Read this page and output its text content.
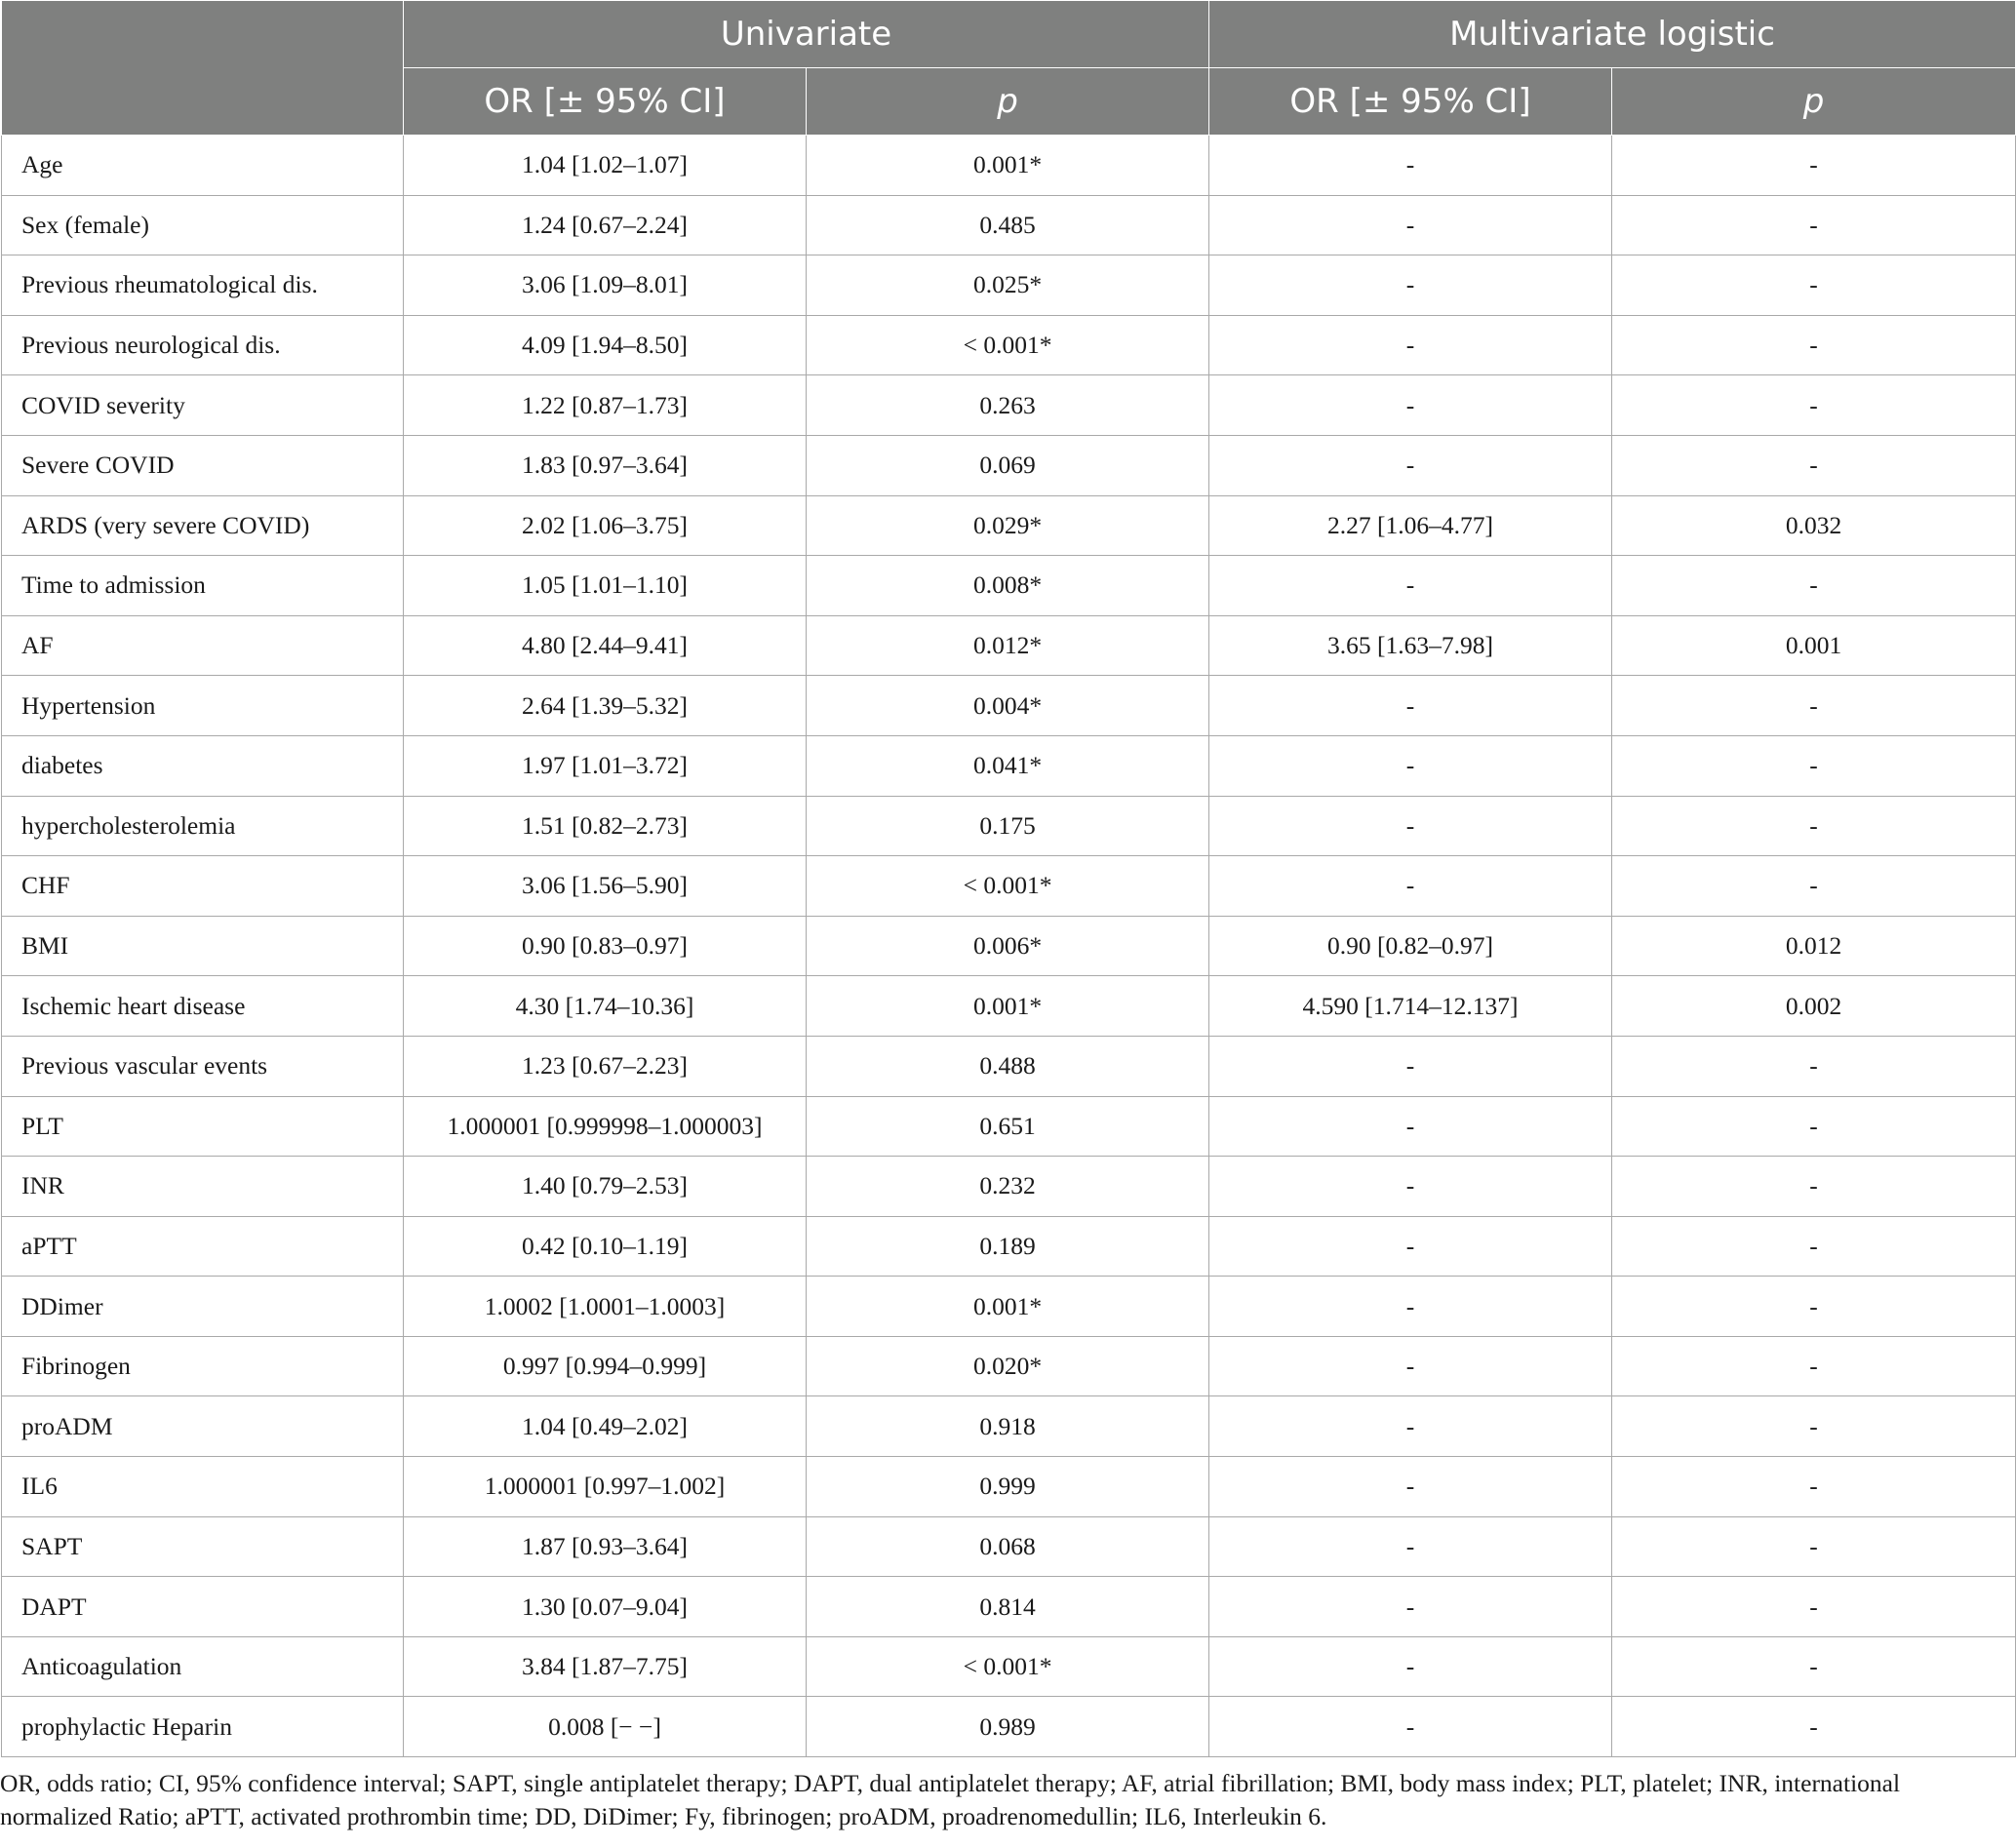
	Univariate		Multivariate logistic	
	OR [± 95% CI]	p	OR [± 95% CI]	p
Age	1.04 [1.02–1.07]	0.001*	-	-
Sex (female)	1.24 [0.67–2.24]	0.485	-	-
Previous rheumatological dis.	3.06 [1.09–8.01]	0.025*	-	-
Previous neurological dis.	4.09 [1.94–8.50]	< 0.001*	-	-
COVID severity	1.22 [0.87–1.73]	0.263	-	-
Severe COVID	1.83 [0.97–3.64]	0.069	-	-
ARDS (very severe COVID)	2.02 [1.06–3.75]	0.029*	2.27 [1.06–4.77]	0.032
Time to admission	1.05 [1.01–1.10]	0.008*	-	-
AF	4.80 [2.44–9.41]	0.012*	3.65 [1.63–7.98]	0.001
Hypertension	2.64 [1.39–5.32]	0.004*	-	-
diabetes	1.97 [1.01–3.72]	0.041*	-	-
hypercholesterolemia	1.51 [0.82–2.73]	0.175	-	-
CHF	3.06 [1.56–5.90]	< 0.001*	-	-
BMI	0.90 [0.83–0.97]	0.006*	0.90 [0.82–0.97]	0.012
Ischemic heart disease	4.30 [1.74–10.36]	0.001*	4.590 [1.714–12.137]	0.002
Previous vascular events	1.23 [0.67–2.23]	0.488	-	-
PLT	1.000001 [0.999998–1.000003]	0.651	-	-
INR	1.40 [0.79–2.53]	0.232	-	-
aPTT	0.42 [0.10–1.19]	0.189	-	-
DDimer	1.0002 [1.0001–1.0003]	0.001*	-	-
Fibrinogen	0.997 [0.994–0.999]	0.020*	-	-
proADM	1.04 [0.49–2.02]	0.918	-	-
IL6	1.000001 [0.997–1.002]	0.999	-	-
SAPT	1.87 [0.93–3.64]	0.068	-	-
DAPT	1.30 [0.07–9.04]	0.814	-	-
Anticoagulation	3.84 [1.87–7.75]	< 0.001*	-	-
prophylactic Heparin	0.008 [− −]	0.989	-	-
OR, odds ratio; CI, 95% confidence interval; SAPT, single antiplatelet therapy; DAPT, dual antiplatelet therapy; AF, atrial fibrillation; BMI, body mass index; PLT, platelet; INR, international normalized Ratio; aPTT, activated prothrombin time; DD, DiDimer; Fy, fibrinogen; proADM, proadrenomedullin; IL6, Interleukin 6.
